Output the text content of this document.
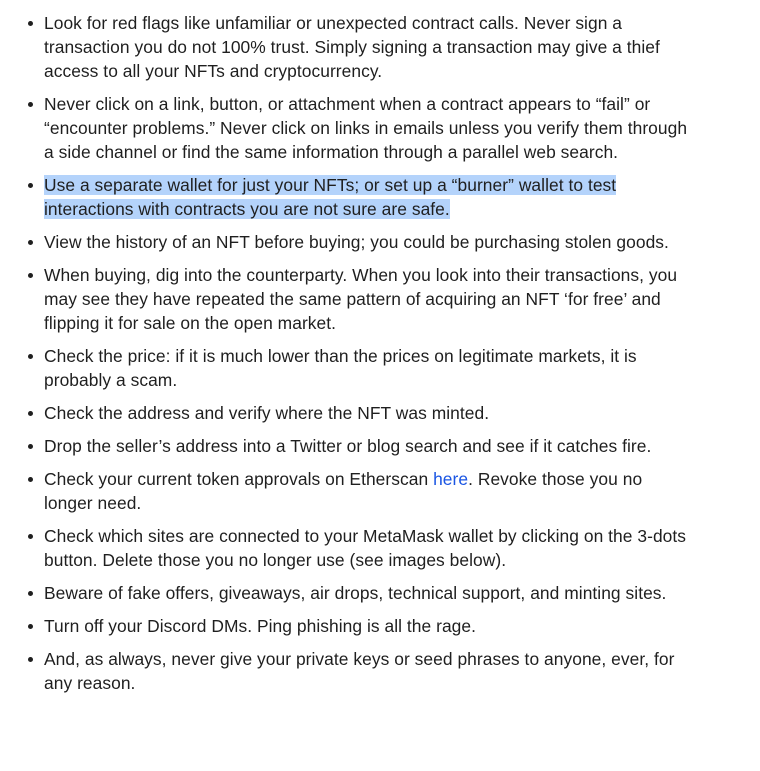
Look for red flags like unfamiliar or unexpected contract calls. Never sign a transaction you do not 100% trust. Simply signing a transaction may give a thief access to all your NFTs and cryptocurrency.
Never click on a link, button, or attachment when a contract appears to “fail” or “encounter problems.” Never click on links in emails unless you verify them through a side channel or find the same information through a parallel web search.
Use a separate wallet for just your NFTs; or set up a “burner” wallet to test interactions with contracts you are not sure are safe.
View the history of an NFT before buying; you could be purchasing stolen goods.
When buying, dig into the counterparty. When you look into their transactions, you may see they have repeated the same pattern of acquiring an NFT ‘for free’ and flipping it for sale on the open market.
Check the price: if it is much lower than the prices on legitimate markets, it is probably a scam.
Check the address and verify where the NFT was minted.
Drop the seller’s address into a Twitter or blog search and see if it catches fire.
Check your current token approvals on Etherscan here. Revoke those you no longer need.
Check which sites are connected to your MetaMask wallet by clicking on the 3-dots button. Delete those you no longer use (see images below).
Beware of fake offers, giveaways, air drops, technical support, and minting sites.
Turn off your Discord DMs. Ping phishing is all the rage.
And, as always, never give your private keys or seed phrases to anyone, ever, for any reason.
